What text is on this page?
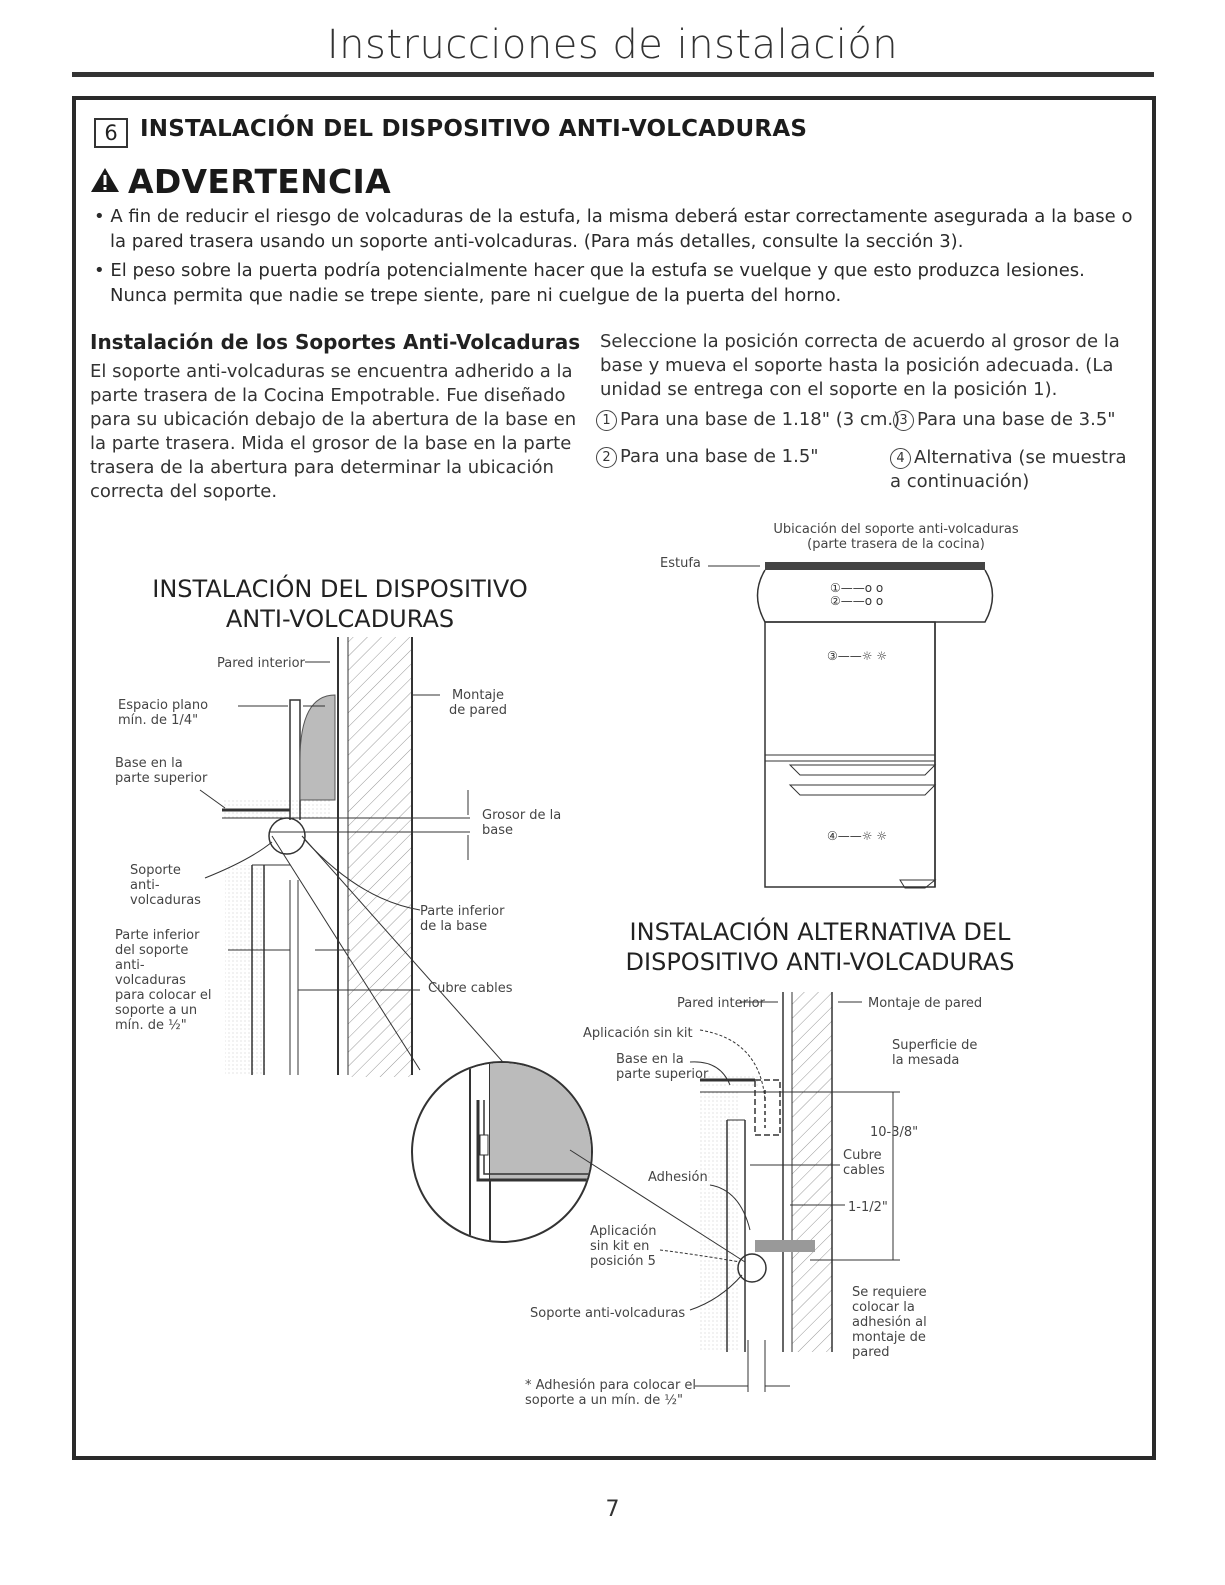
Instrucciones de instalación
6 INSTALACIÓN DEL DISPOSITIVO ANTI-VOLCADURAS
ADVERTENCIA
• A fin de reducir el riesgo de volcaduras de la estufa, la misma deberá estar correctamente asegurada a la base o la pared trasera usando un soporte anti-volcaduras. (Para más detalles, consulte la sección 3).
• El peso sobre la puerta podría potencialmente hacer que la estufa se vuelque y que esto produzca lesiones. Nunca permita que nadie se trepe siente, pare ni cuelgue de la puerta del horno.
Instalación de los Soportes Anti-Volcaduras
El soporte anti-volcaduras se encuentra adherido a la parte trasera de la Cocina Empotrable. Fue diseñado para su ubicación debajo de la abertura de la base en la parte trasera. Mida el grosor de la base en la parte trasera de la abertura para determinar la ubicación correcta del soporte.
Seleccione la posición correcta de acuerdo al grosor de la base y mueva el soporte hasta la posición adecuada. (La unidad se entrega con el soporte en la posición 1).
1 Para una base de 1.18" (3 cm.) 3 Para una base de 3.5"
2 Para una base de 1.5"	4 Alternativa (se muestra a continuación)
INSTALACIÓN DEL DISPOSITIVO ANTI-VOLCADURAS
INSTALACIÓN ALTERNATIVA DEL DISPOSITIVO ANTI-VOLCADURAS
①——o o
②——o o
③——☼ ☼
④——☼ ☼
Pared interior
Espacio plano mín. de 1/4"
Montaje de pared
Base en la parte superior
Grosor de la base
Soporte anti-volcaduras
Parte inferior del soporte anti-volcaduras para colocar el soporte a un mín. de ½"
Parte inferior de la base
Cubre cables
Ubicación del soporte anti-volcaduras (parte trasera de la cocina)
Estufa
Pared interior	Montaje de pared
Aplicación sin kit
Superficie de la mesada
Base en la parte superior
10-3/8"
Cubre cables
Adhesión
1-1/2"
Aplicación sin kit en posición 5
Se requiere colocar la adhesión al montaje de pared
Soporte anti-volcaduras
* Adhesión para colocar el soporte a un mín. de ½"
7
